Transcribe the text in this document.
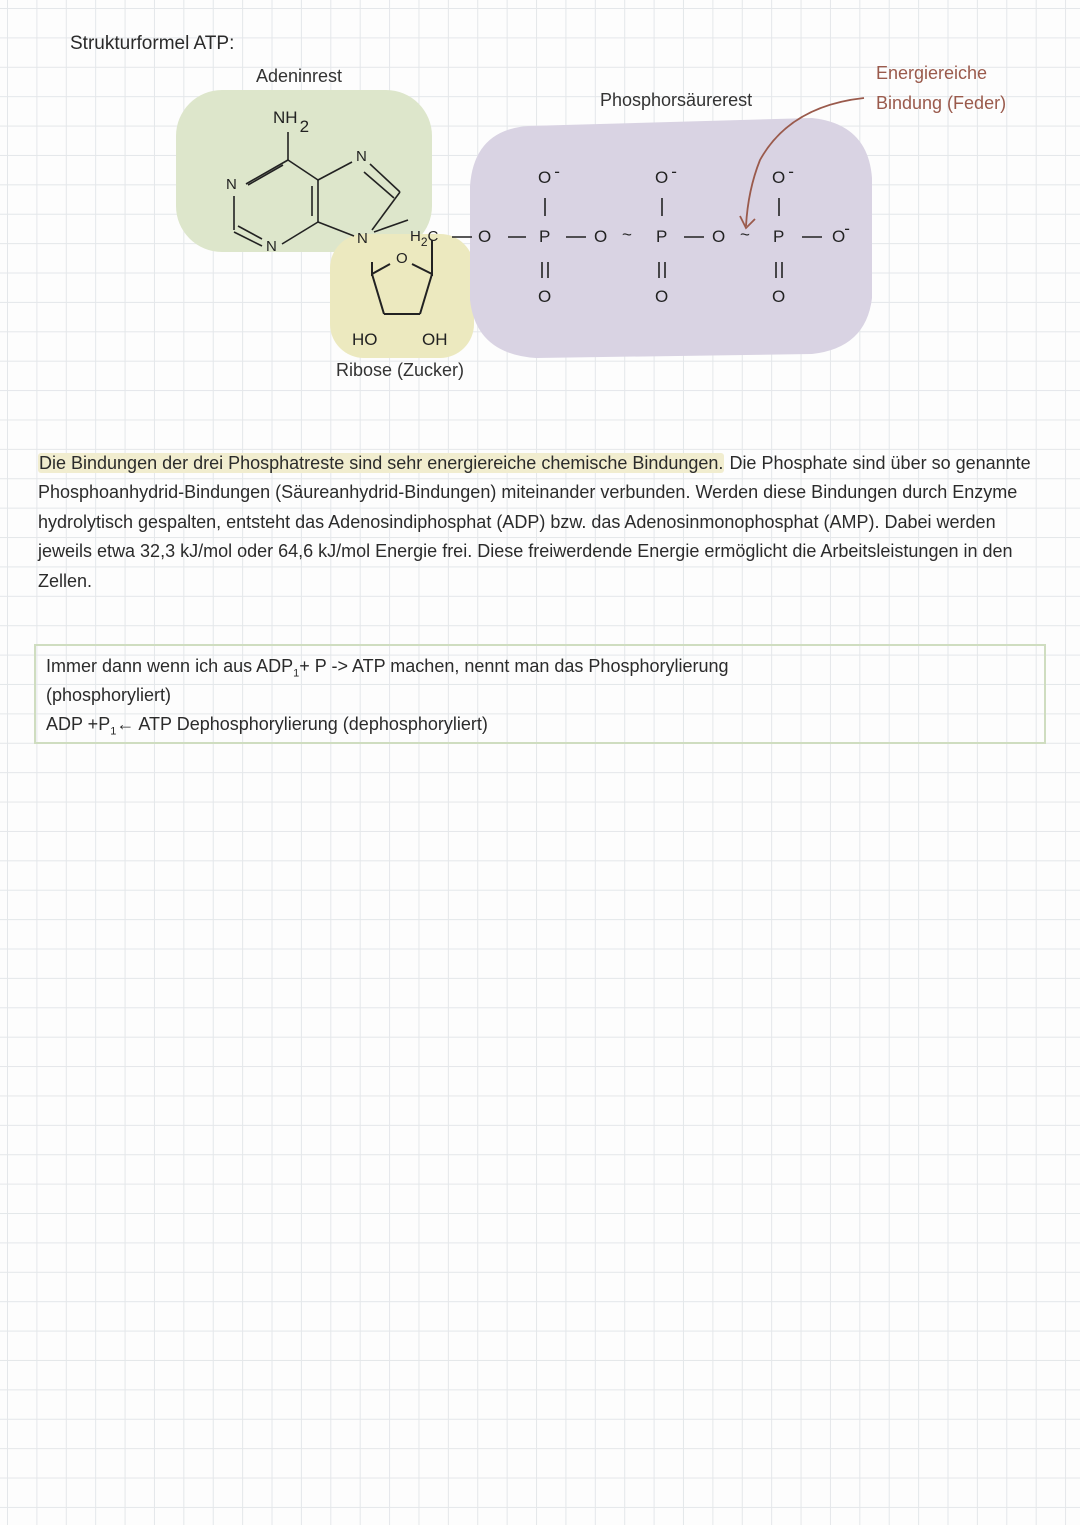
Strukturformel ATP:
Adeninrest
Phosphorsäurerest
Ribose (Zucker)
Energiereiche
Bindung (Feder)
NH 2
N
N
N
N	$H_2C$
O
HO	OH
O	P	O ~ P	O ~ P	O-
O -	O -	O -
O	O	O
Die Bindungen der drei Phosphatreste sind sehr energiereiche chemische Bindungen. Die Phosphate sind über so genannte Phosphoanhydrid-Bindungen (Säureanhydrid-Bindungen) miteinander verbunden. Werden diese Bindungen durch Enzyme hydrolytisch gespalten, entsteht das Adenosindiphosphat (ADP) bzw. das Adenosinmonophosphat (AMP). Dabei werden jeweils etwa 32,3 kJ/mol oder 64,6 kJ/mol Energie frei. Diese freiwerdende Energie ermöglicht die Arbeitsleistungen in den Zellen.
Immer dann wenn ich aus $ADP_1+ P$ -> ATP machen, nennt man das Phosphorylierung
(phosphoryliert)
ADP $+P_1\leftarrow$ ATP Dephosphorylierung (dephosphoryliert)
